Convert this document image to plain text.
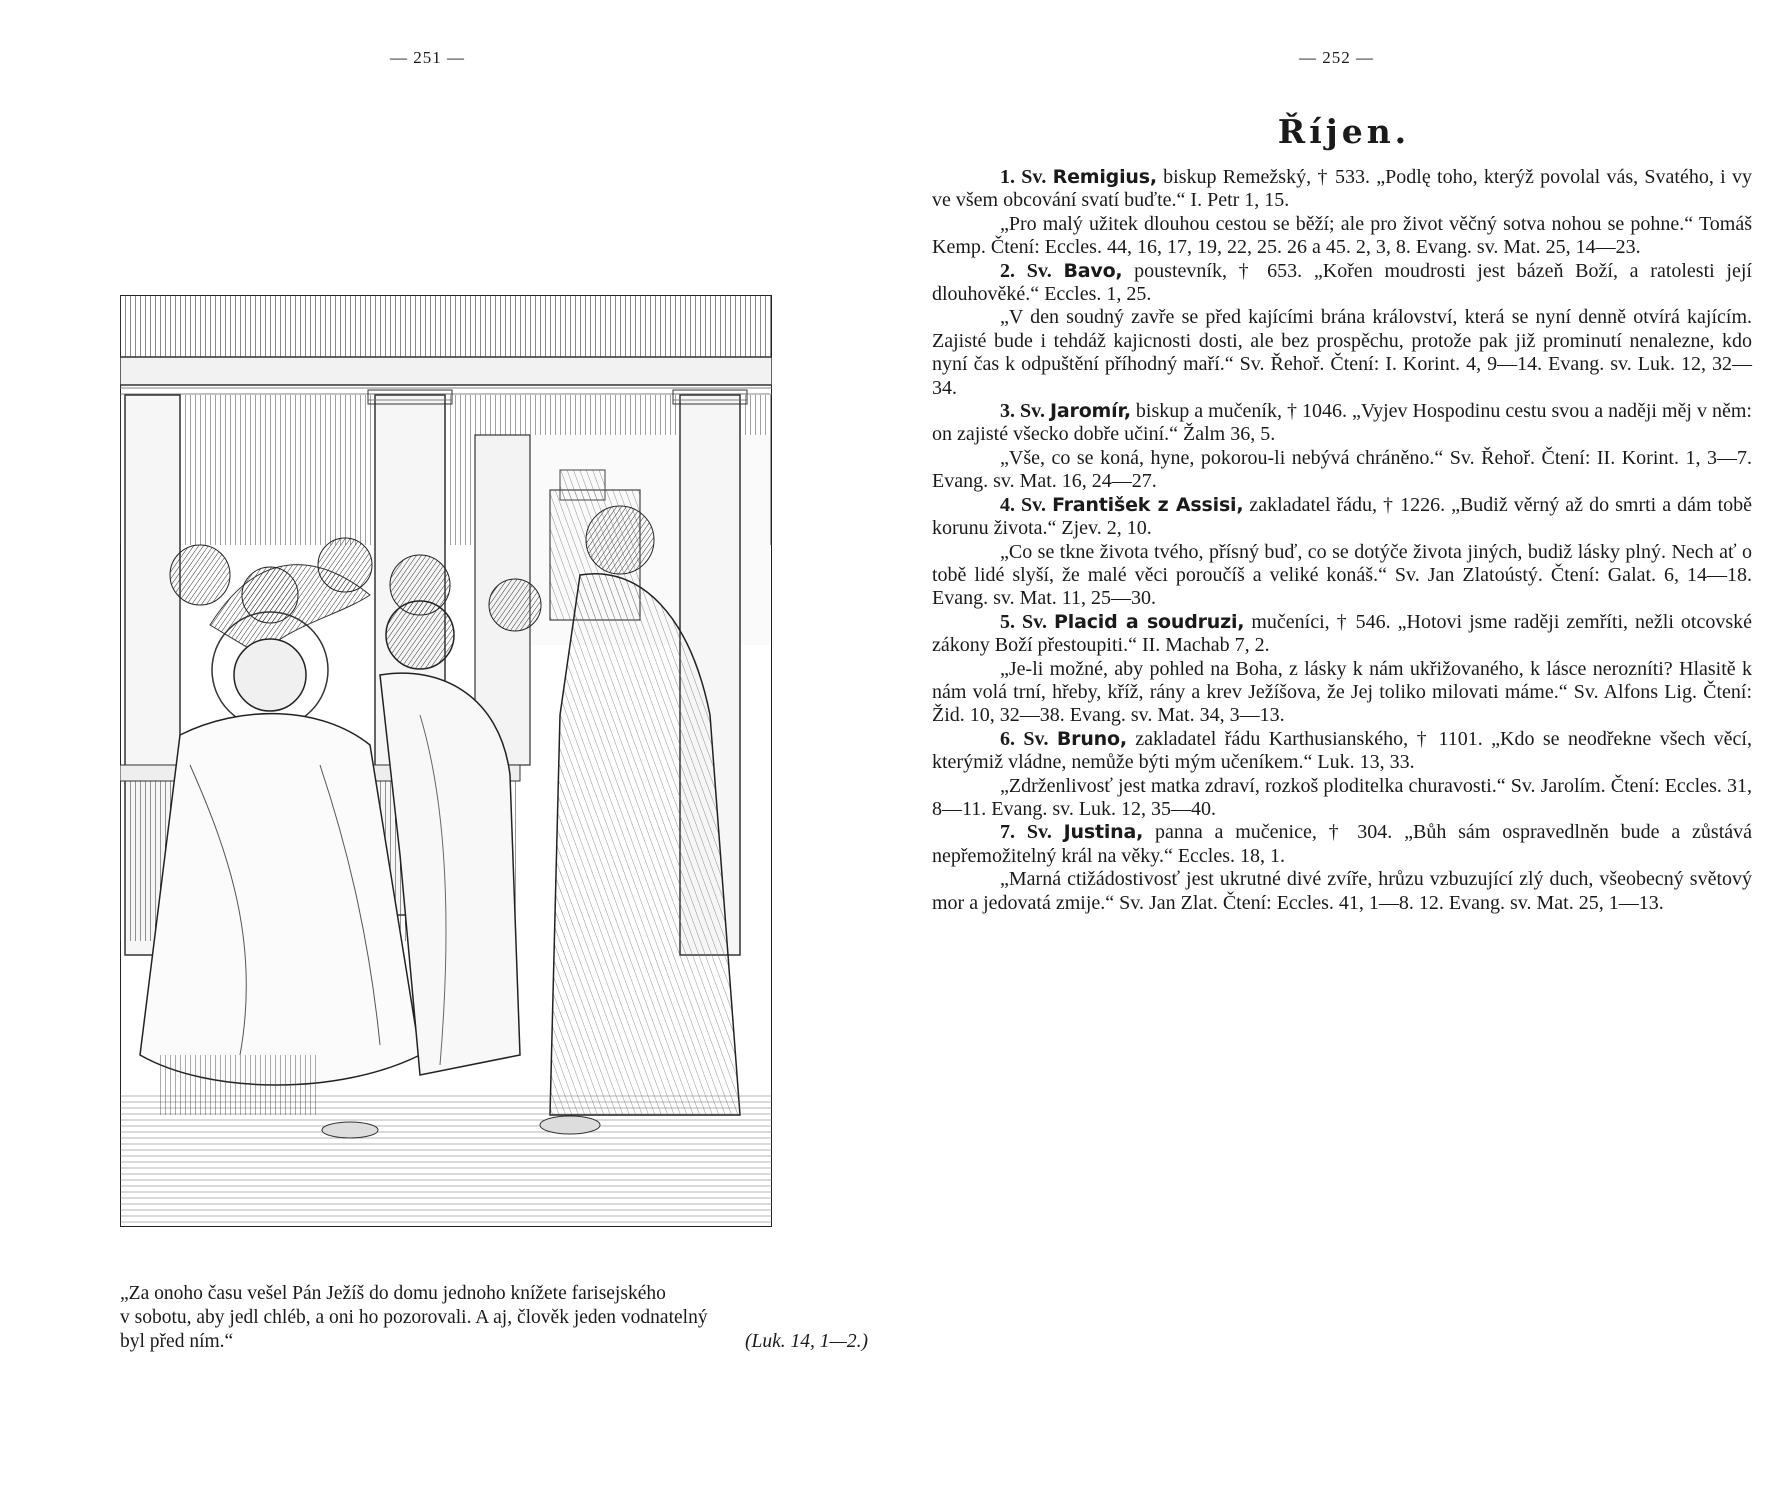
— 251 —
„Za onoho času vešel Pán Ježíš do domu jednoho knížete farisejského
v sobotu, aby jedl chléb, a oni ho pozorovali. A aj, člověk jeden vodnatelný
byl před ním.“	(Luk. 14, 1—2.)
— 252 —
Říjen.

1. Sv. Remigius, biskup Remežský, † 533. „Podlę toho, kterýž povolal vás, Svatého, i vy ve všem obcování svatí buďte.“ I. Petr 1, 15.

„Pro malý užitek dlouhou cestou se běží; ale pro život věčný sotva nohou se pohne.“ Tomáš Kemp. Čtení: Eccles. 44, 16, 17, 19, 22, 25. 26 a 45. 2, 3, 8. Evang. sv. Mat. 25, 14—23.

2. Sv. Bavo, poustevník, † 653. „Kořen moudrosti jest bázeň Boží, a ratolesti její dlouhověké.“ Eccles. 1, 25.

„V den soudný zavře se před kajícími brána království, která se nyní denně otvírá kajícím. Zajisté bude i tehdáž kajicnosti dosti, ale bez prospěchu, protože pak již prominutí nenalezne, kdo nyní čas k odpuštění příhodný maří.“ Sv. Řehoř. Čtení: I. Korint. 4, 9—14. Evang. sv. Luk. 12, 32—34.

3. Sv. Jaromír, biskup a mučeník, † 1046. „Vyjev Hospodinu cestu svou a naději měj v něm: on zajisté všecko dobře učiní.“ Žalm 36, 5.

„Vše, co se koná, hyne, pokorou-li nebývá chráněno.“ Sv. Řehoř. Čtení: II. Korint. 1, 3—7. Evang. sv. Mat. 16, 24—27.

4. Sv. František z Assisi, zakladatel řádu, † 1226. „Budiž věrný až do smrti a dám tobě korunu života.“ Zjev. 2, 10.

„Co se tkne života tvého, přísný buď, co se dotýče života jiných, budiž lásky plný. Nech ať o tobě lidé slyší, že malé věci poroučíš a veliké konáš.“ Sv. Jan Zlatoústý. Čtení: Galat. 6, 14—18. Evang. sv. Mat. 11, 25—30.

5. Sv. Placid a soudruzi, mučeníci, † 546. „Hotovi jsme raději zemříti, nežli otcovské zákony Boží přestoupiti.“ II. Machab 7, 2.

„Je-li možné, aby pohled na Boha, z lásky k nám ukřižovaného, k lásce nerozníti? Hlasitě k nám volá trní, hřeby, kříž, rány a krev Ježíšova, že Jej toliko milovati máme.“ Sv. Alfons Lig. Čtení: Žid. 10, 32—38. Evang. sv. Mat. 34, 3—13.

6. Sv. Bruno, zakladatel řádu Karthusianského, † 1101. „Kdo se neodřekne všech věcí, kterýmiž vládne, nemůže býti mým učeníkem.“ Luk. 13, 33.

„Zdrženlivosť jest matka zdraví, rozkoš ploditelka churavosti.“ Sv. Jarolím. Čtení: Eccles. 31, 8—11. Evang. sv. Luk. 12, 35—40.

7. Sv. Justina, panna a mučenice, † 304. „Bůh sám ospravedlněn bude a zůstává nepřemožitelný král na věky.“ Eccles. 18, 1.

„Marná ctižádostivosť jest ukrutné divé zvíře, hrůzu vzbuzující zlý duch, všeobecný světový mor a jedovatá zmije.“ Sv. Jan Zlat. Čtení: Eccles. 41, 1—8. 12. Evang. sv. Mat. 25, 1—13.
